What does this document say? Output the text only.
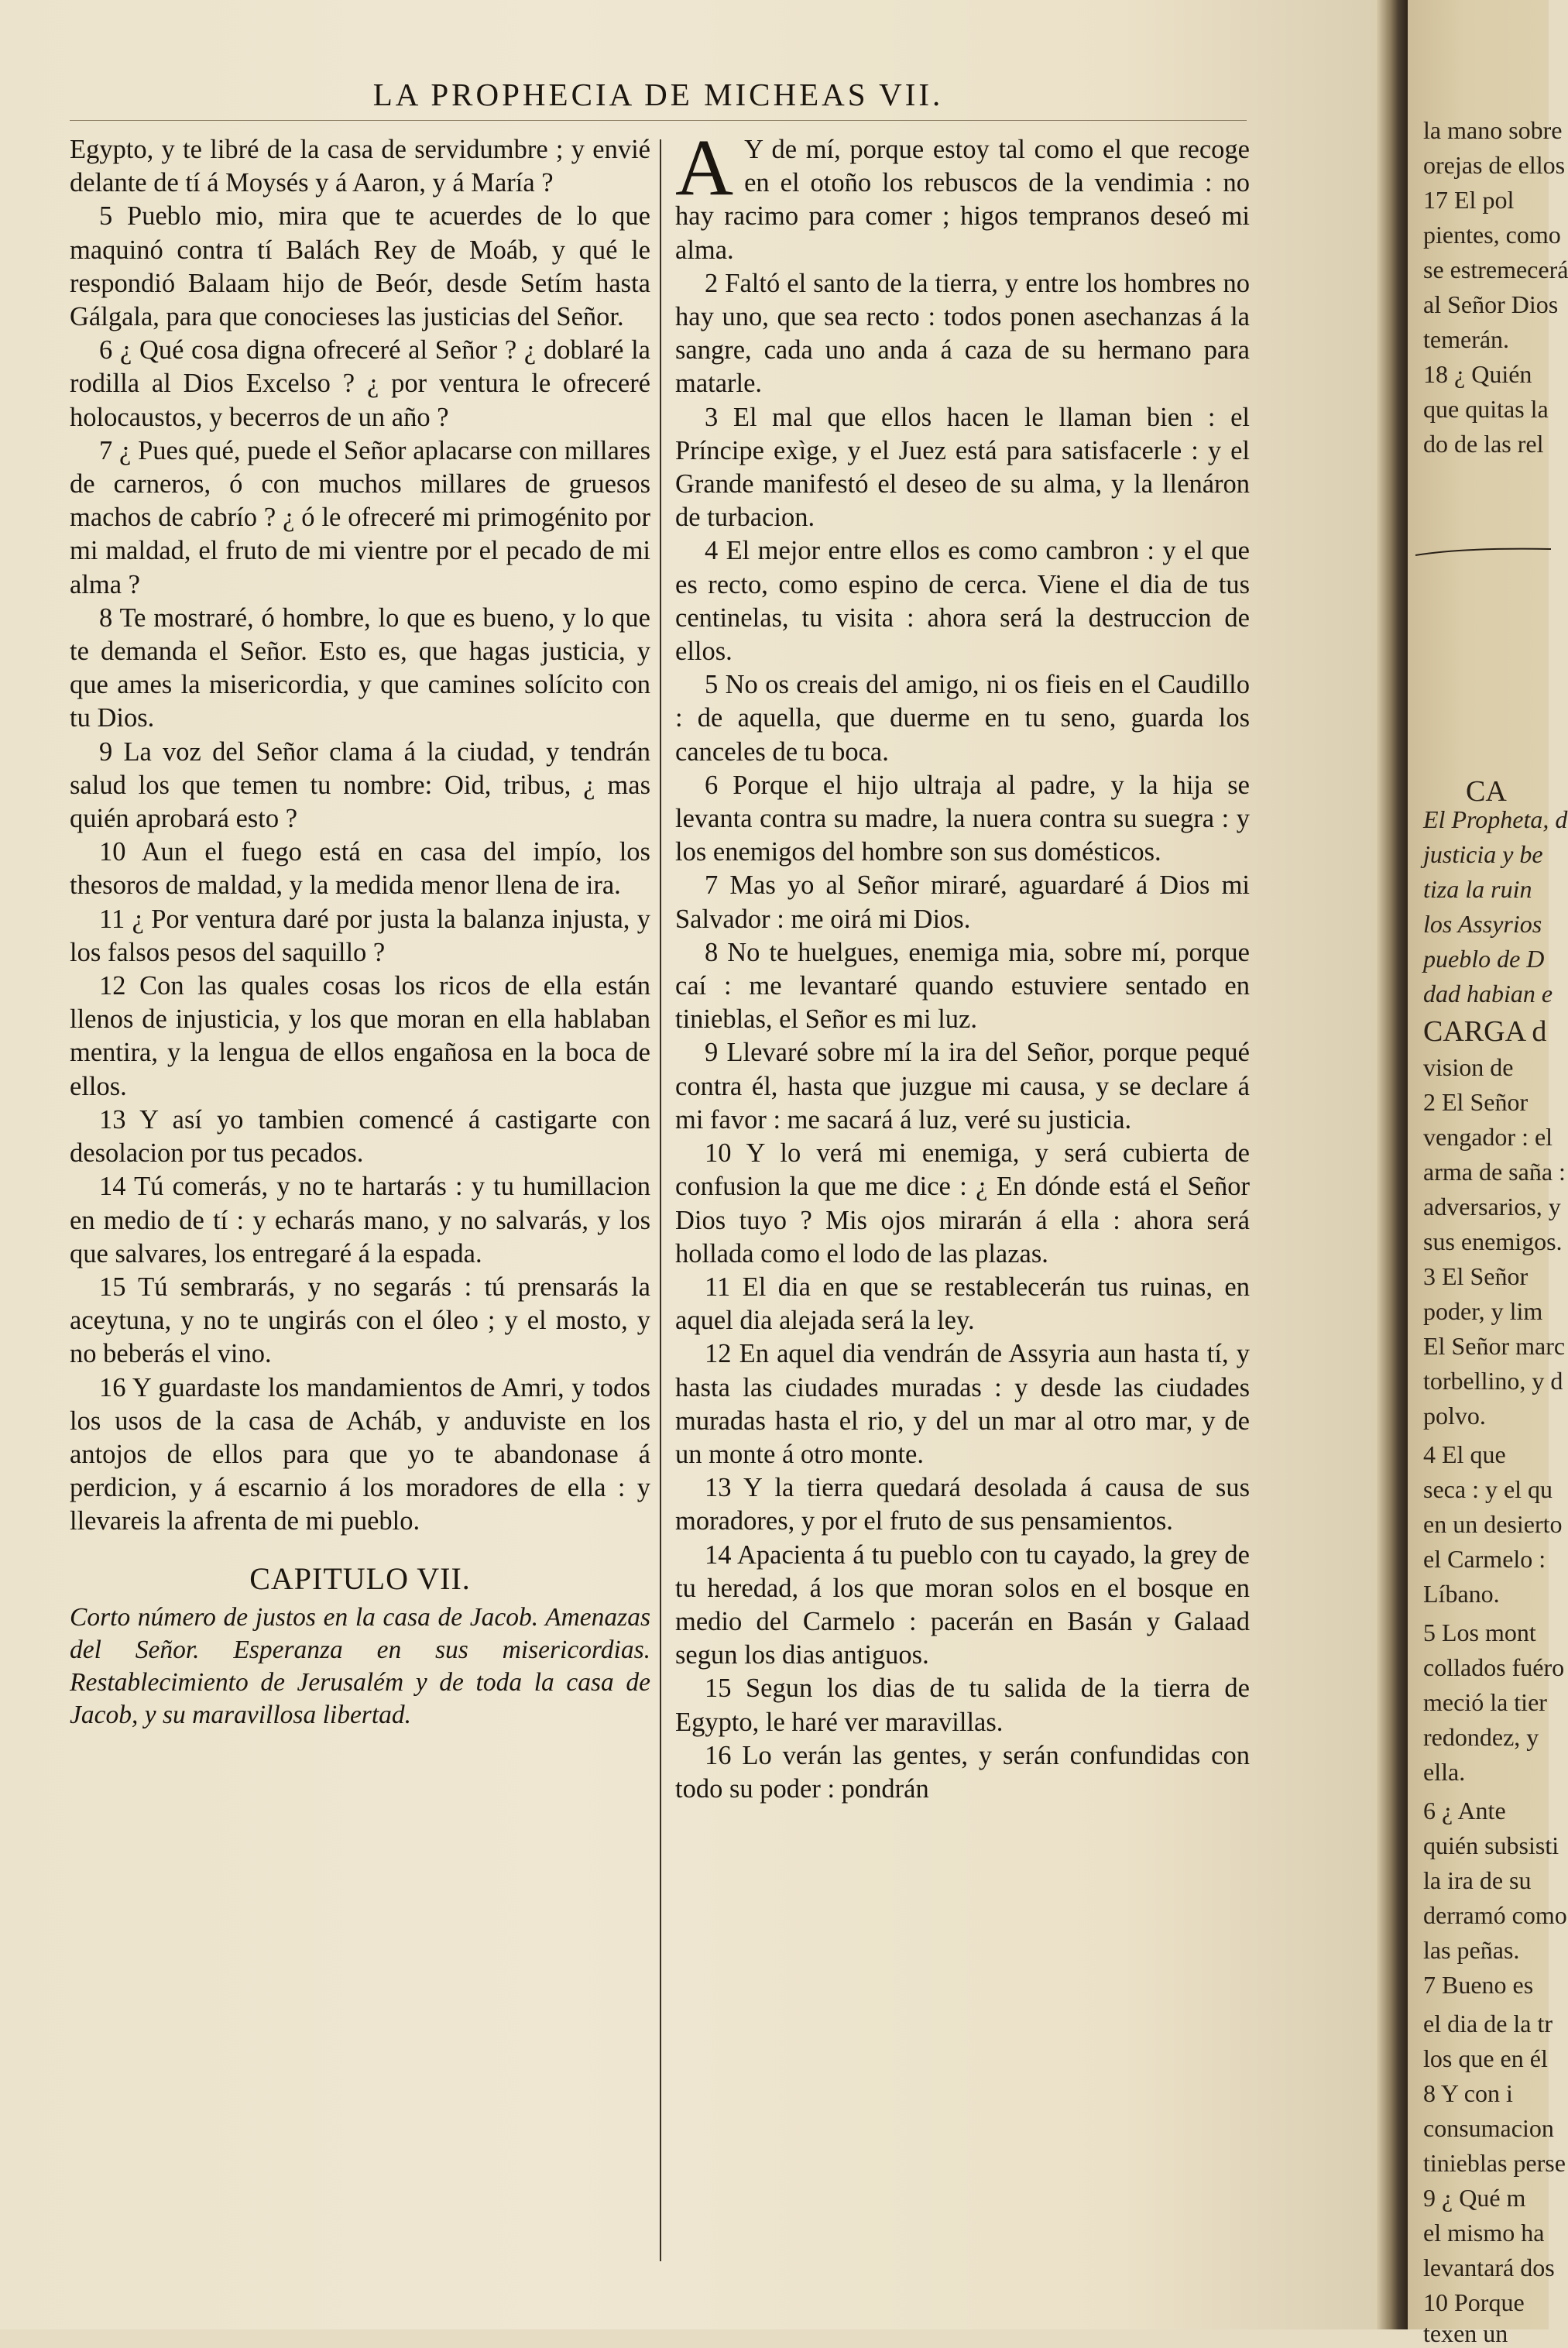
LA PROPHECIA DE MICHEAS VII.

Egypto, y te libré de la casa de servidumbre ; y envié delante de tí á Moysés y á Aaron, y á María ?

5 Pueblo mio, mira que te acuerdes de lo que maquinó contra tí Balách Rey de Moáb, y qué le respondió Balaam hijo de Beór, desde Setím hasta Gálgala, para que conocieses las justicias del Señor.

6 ¿ Qué cosa digna ofreceré al Señor ? ¿ doblaré la rodilla al Dios Excelso ? ¿ por ventura le ofreceré holocaustos, y becerros de un año ?

7 ¿ Pues qué, puede el Señor aplacarse con millares de carneros, ó con muchos millares de gruesos machos de cabrío ? ¿ ó le ofreceré mi primogénito por mi maldad, el fruto de mi vientre por el pecado de mi alma ?

8 Te mostraré, ó hombre, lo que es bueno, y lo que te demanda el Señor. Esto es, que hagas justicia, y que ames la misericordia, y que camines solícito con tu Dios.

9 La voz del Señor clama á la ciudad, y tendrán salud los que temen tu nombre: Oid, tribus, ¿ mas quién aprobará esto ?

10 Aun el fuego está en casa del impío, los thesoros de maldad, y la medida menor llena de ira.

11 ¿ Por ventura daré por justa la balanza injusta, y los falsos pesos del saquillo ?

12 Con las quales cosas los ricos de ella están llenos de injusticia, y los que moran en ella hablaban mentira, y la lengua de ellos engañosa en la boca de ellos.

13 Y así yo tambien comencé á castigarte con desolacion por tus pecados.

14 Tú comerás, y no te hartarás : y tu humillacion en medio de tí : y echarás mano, y no salvarás, y los que salvares, los entregaré á la espada.

15 Tú sembrarás, y no segarás : tú prensarás la aceytuna, y no te ungirás con el óleo ; y el mosto, y no beberás el vino.

16 Y guardaste los mandamientos de Amri, y todos los usos de la casa de Acháb, y anduviste en los antojos de ellos para que yo te abandonase á perdicion, y á escarnio á los moradores de ella : y llevareis la afrenta de mi pueblo.

CAPITULO VII.

Corto número de justos en la casa de Jacob. Amenazas del Señor. Esperanza en sus misericordias. Restablecimiento de Jerusalém y de toda la casa de Jacob, y su maravillosa libertad.

A Y de mí, porque estoy tal como el que recoge en el otoño los rebuscos de la vendimia : no hay racimo para comer ; higos tempranos deseó mi alma.

2 Faltó el santo de la tierra, y entre los hombres no hay uno, que sea recto : todos ponen asechanzas á la sangre, cada uno anda á caza de su hermano para matarle.

3 El mal que ellos hacen le llaman bien : el Príncipe exìge, y el Juez está para satisfacerle : y el Grande manifestó el deseo de su alma, y la llenáron de turbacion.

4 El mejor entre ellos es como cambron : y el que es recto, como espino de cerca. Viene el dia de tus centinelas, tu visita : ahora será la destruccion de ellos.

5 No os creais del amigo, ni os fieis en el Caudillo : de aquella, que duerme en tu seno, guarda los canceles de tu boca.

6 Porque el hijo ultraja al padre, y la hija se levanta contra su madre, la nuera contra su suegra : y los enemigos del hombre son sus domésticos.

7 Mas yo al Señor miraré, aguardaré á Dios mi Salvador : me oirá mi Dios.

8 No te huelgues, enemiga mia, sobre mí, porque caí : me levantaré quando estuviere sentado en tinieblas, el Señor es mi luz.

9 Llevaré sobre mí la ira del Señor, porque pequé contra él, hasta que juzgue mi causa, y se declare á mi favor : me sacará á luz, veré su justicia.

10 Y lo verá mi enemiga, y será cubierta de confusion la que me dice : ¿ En dónde está el Señor Dios tuyo ? Mis ojos mirarán á ella : ahora será hollada como el lodo de las plazas.

11 El dia en que se restablecerán tus ruinas, en aquel dia alejada será la ley.

12 En aquel dia vendrán de Assyria aun hasta tí, y hasta las ciudades muradas : y desde las ciudades muradas hasta el rio, y del un mar al otro mar, y de un monte á otro monte.

13 Y la tierra quedará desolada á causa de sus moradores, y por el fruto de sus pensamientos.

14 Apacienta á tu pueblo con tu cayado, la grey de tu heredad, á los que moran solos en el bosque en medio del Carmelo : pacerán en Basán y Galaad segun los dias antiguos.

15 Segun los dias de tu salida de la tierra de Egypto, le haré ver maravillas.

16 Lo verán las gentes, y serán confundidas con todo su poder : pondrán

la mano sobre
orejas de ellos
17 El pol
pientes, como
se estremecerá
al Señor Dios
temerán.
18 ¿ Quién
que quitas la
do de las rel
CA
El Propheta, d
justicia y be
tiza la ruin
los Assyrios
pueblo de D
dad habian e
CARGA d
vision de
2 El Señor
vengador : el
arma de saña :
adversarios, y
sus enemigos.
3 El Señor
poder, y lim
El Señor marc
torbellino, y d
polvo.
4 El que
seca : y el qu
en un desierto
el Carmelo :
Líbano.
5 Los mont
collados fuéro
meció la tier
redondez, y
ella.
6 ¿ Ante
quién subsisti
la ira de su
derramó como
las peñas.
7 Bueno es
el dia de la tr
los que en él
8 Y con i
consumacion
tinieblas perse
9 ¿ Qué m
el mismo ha
levantará dos
10 Porque
texen un
